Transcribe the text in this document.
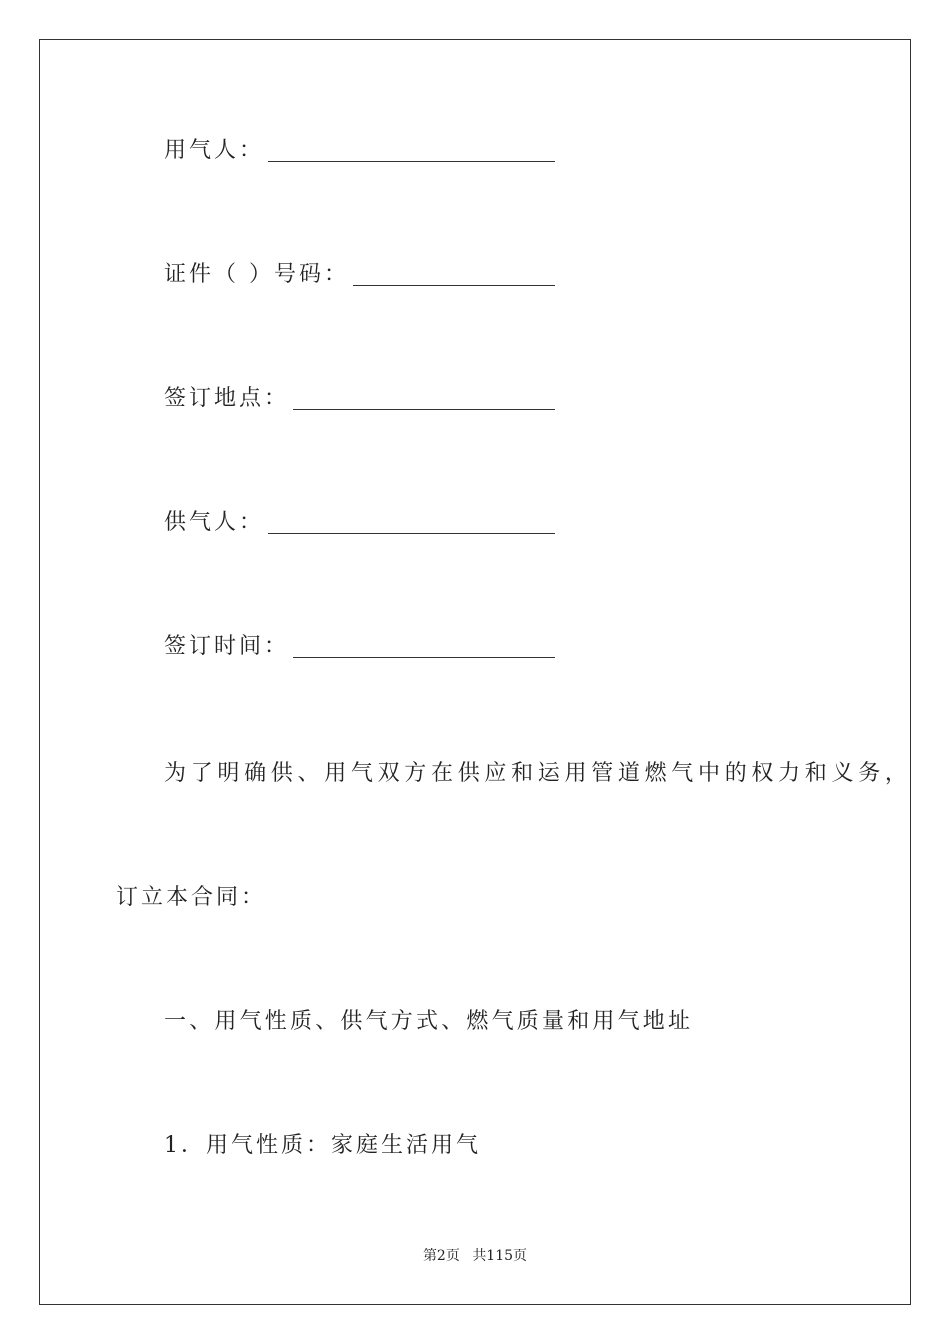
用气人：
证件（ ）号码：
签订地点：
供气人：
签订时间：
为了明确供、用气双方在供应和运用管道燃气中的权力和义务，
订立本合同：
一、用气性质、供气方式、燃气质量和用气地址
1．用气性质：家庭生活用气
第2页 共115页
